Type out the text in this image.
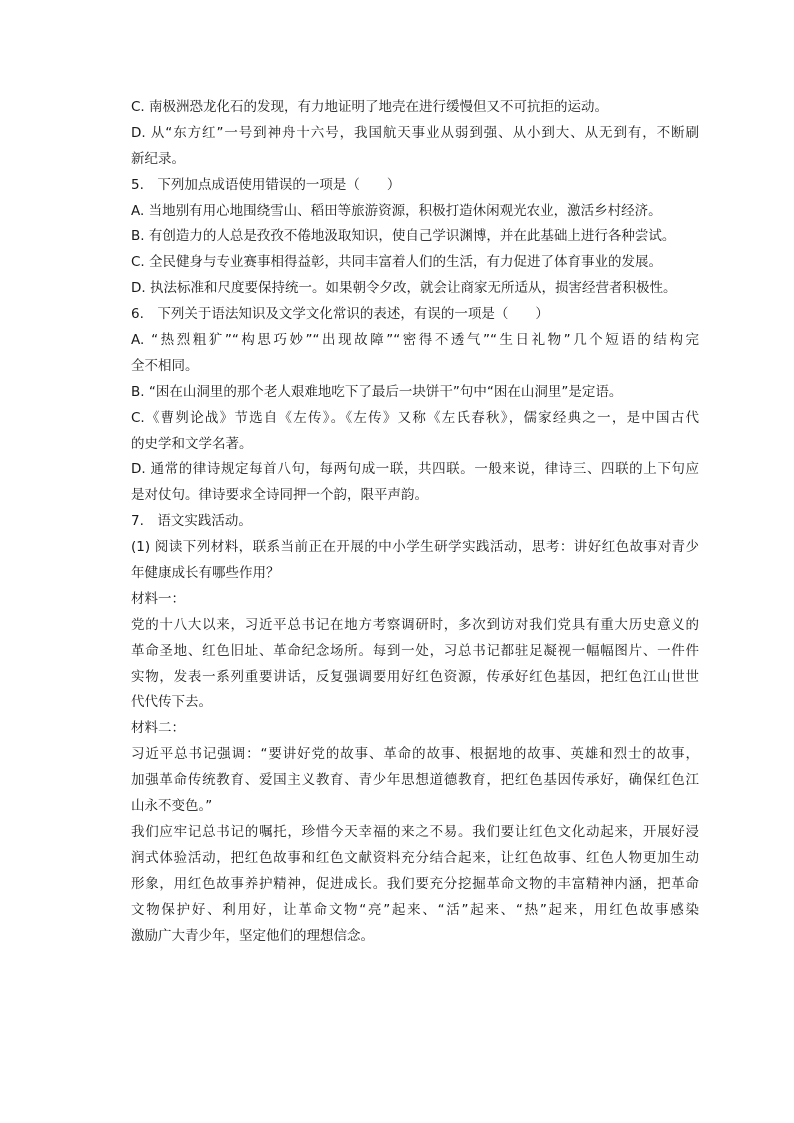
C. 南极洲恐龙化石的发现，有力地证明了地壳在进行缓慢但又不可抗拒的运动。
D. 从“东方红”一号到神舟十六号，我国航天事业从弱到强、从小到大、从无到有，不断刷
新纪录。
5.　下列加点成语使用错误的一项是（　　）
A. 当地别有用心地围绕雪山、稻田等旅游资源，积极打造休闲观光农业，激活乡村经济。
B. 有创造力的人总是孜孜不倦地汲取知识，使自己学识渊博，并在此基础上进行各种尝试。
C. 全民健身与专业赛事相得益彰，共同丰富着人们的生活，有力促进了体育事业的发展。
D. 执法标准和尺度要保持统一。如果朝令夕改，就会让商家无所适从，损害经营者积极性。
6.　下列关于语法知识及文学文化常识的表述，有误的一项是（　　）
A. “热烈粗犷”“构思巧妙”“出现故障”“密得不透气”“生日礼物”几个短语的结构完
全不相同。
B. “困在山洞里的那个老人艰难地吃下了最后一块饼干”句中“困在山洞里”是定语。
C.《曹刿论战》节选自《左传》。《左传》又称《左氏春秋》，儒家经典之一，是中国古代
的史学和文学名著。
D. 通常的律诗规定每首八句，每两句成一联，共四联。一般来说，律诗三、四联的上下句应
是对仗句。律诗要求全诗同押一个韵，限平声韵。
7.　语文实践活动。
(1) 阅读下列材料，联系当前正在开展的中小学生研学实践活动，思考：讲好红色故事对青少
年健康成长有哪些作用？
材料一：
党的十八大以来，习近平总书记在地方考察调研时，多次到访对我们党具有重大历史意义的
革命圣地、红色旧址、革命纪念场所。每到一处，习总书记都驻足凝视一幅幅图片、一件件
实物，发表一系列重要讲话，反复强调要用好红色资源，传承好红色基因，把红色江山世世
代代传下去。
材料二：
习近平总书记强调：“要讲好党的故事、革命的故事、根据地的故事、英雄和烈士的故事，
加强革命传统教育、爱国主义教育、青少年思想道德教育，把红色基因传承好，确保红色江
山永不变色。”
我们应牢记总书记的嘱托，珍惜今天幸福的来之不易。我们要让红色文化动起来，开展好浸
润式体验活动，把红色故事和红色文献资料充分结合起来，让红色故事、红色人物更加生动
形象，用红色故事养护精神，促进成长。我们要充分挖掘革命文物的丰富精神内涵，把革命
文物保护好、利用好，让革命文物“亮”起来、“活”起来、“热”起来，用红色故事感染
激励广大青少年，坚定他们的理想信念。
